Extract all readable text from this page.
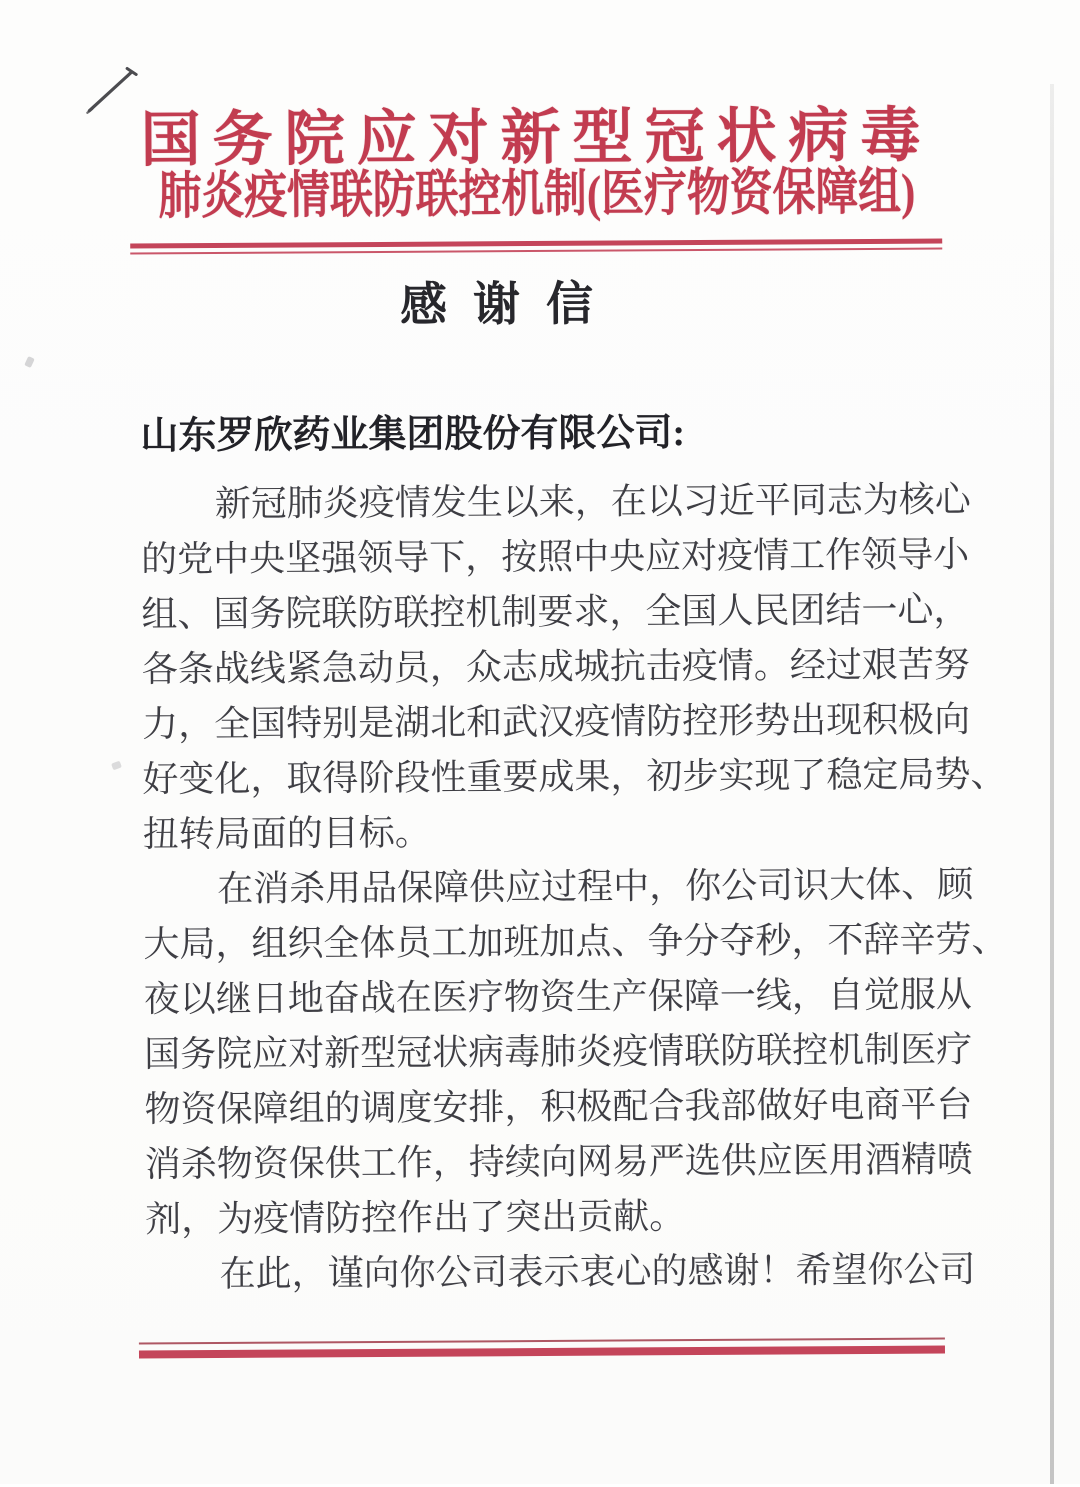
国务院应对新型冠状病毒
肺炎疫情联防联控机制(医疗物资保障组)
感谢信
山东罗欣药业集团股份有限公司:
新冠肺炎疫情发生以来，在以习近平同志为核心
的党中央坚强领导下，按照中央应对疫情工作领导小
组、国务院联防联控机制要求，全国人民团结一心，
各条战线紧急动员，众志成城抗击疫情。经过艰苦努
力，全国特别是湖北和武汉疫情防控形势出现积极向
好变化，取得阶段性重要成果，初步实现了稳定局势、
扭转局面的目标。
在消杀用品保障供应过程中，你公司识大体、顾
大局，组织全体员工加班加点、争分夺秒，不辞辛劳、
夜以继日地奋战在医疗物资生产保障一线，自觉服从
国务院应对新型冠状病毒肺炎疫情联防联控机制医疗
物资保障组的调度安排，积极配合我部做好电商平台
消杀物资保供工作，持续向网易严选供应医用酒精喷
剂，为疫情防控作出了突出贡献。
在此，谨向你公司表示衷心的感谢！希望你公司
